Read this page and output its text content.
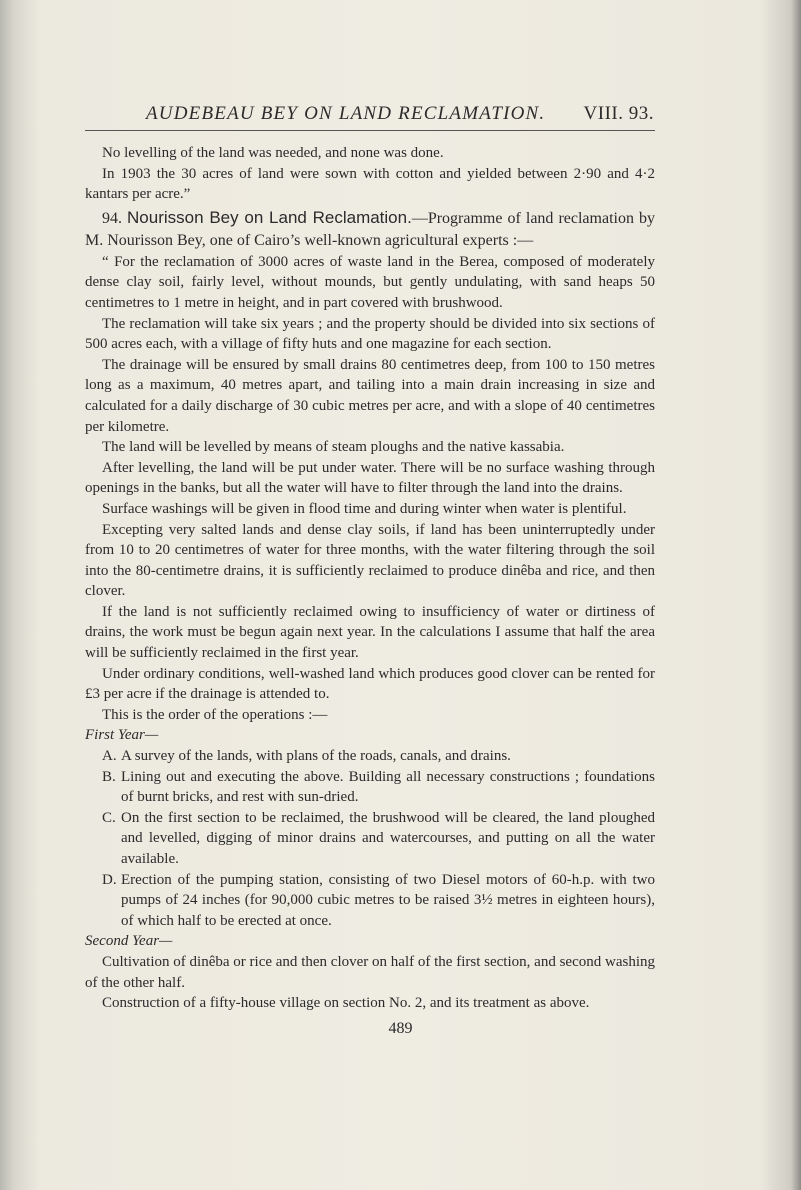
AUDEBEAU BEY ON LAND RECLAMATION. VIII. 93.

No levelling of the land was needed, and none was done.

In 1903 the 30 acres of land were sown with cotton and yielded between 2·90 and 4·2 kantars per acre.”

94. Nourisson Bey on Land Reclamation.—Programme of land reclamation by M. Nourisson Bey, one of Cairo’s well-known agricultural experts :—

“ For the reclamation of 3000 acres of waste land in the Berea, composed of moderately dense clay soil, fairly level, without mounds, but gently undulating, with sand heaps 50 centimetres to 1 metre in height, and in part covered with brushwood.

The reclamation will take six years ; and the property should be divided into six sections of 500 acres each, with a village of fifty huts and one magazine for each section.

The drainage will be ensured by small drains 80 centimetres deep, from 100 to 150 metres long as a maximum, 40 metres apart, and tailing into a main drain increasing in size and calculated for a daily discharge of 30 cubic metres per acre, and with a slope of 40 centimetres per kilometre.

The land will be levelled by means of steam ploughs and the native kassabia.

After levelling, the land will be put under water. There will be no surface washing through openings in the banks, but all the water will have to filter through the land into the drains.

Surface washings will be given in flood time and during winter when water is plentiful.

Excepting very salted lands and dense clay soils, if land has been uninterruptedly under from 10 to 20 centimetres of water for three months, with the water filtering through the soil into the 80-centimetre drains, it is sufficiently reclaimed to produce dinêba and rice, and then clover.

If the land is not sufficiently reclaimed owing to insufficiency of water or dirtiness of drains, the work must be begun again next year. In the calculations I assume that half the area will be sufficiently reclaimed in the first year.

Under ordinary conditions, well-washed land which produces good clover can be rented for £3 per acre if the drainage is attended to.

This is the order of the operations :—

First Year—

A. A survey of the lands, with plans of the roads, canals, and drains.

B. Lining out and executing the above. Building all necessary constructions ; foundations of burnt bricks, and rest with sun-dried.

C. On the first section to be reclaimed, the brushwood will be cleared, the land ploughed and levelled, digging of minor drains and watercourses, and putting on all the water available.

D. Erection of the pumping station, consisting of two Diesel motors of 60-h.p. with two pumps of 24 inches (for 90,000 cubic metres to be raised 3½ metres in eighteen hours), of which half to be erected at once.

Second Year—

Cultivation of dinêba or rice and then clover on half of the first section, and second washing of the other half.

Construction of a fifty-house village on section No. 2, and its treatment as above.

489
